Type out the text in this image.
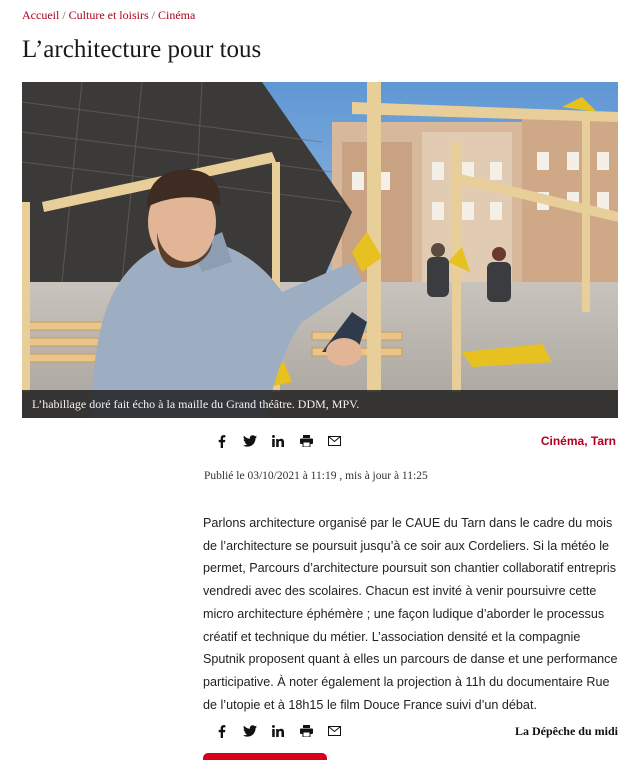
Accueil / Culture et loisirs / Cinéma
L’architecture pour tous
L’habillage doré fait écho à la maille du Grand théâtre. DDM, MPV.
Cinéma, Tarn

Publié le 03/10/2021 à 11:19 , mis à jour à 11:25

Parlons architecture organisé par le CAUE du Tarn dans le cadre du mois de l’architecture se poursuit jusqu’à ce soir aux Cordeliers. Si la météo le permet, Parcours d’architecture poursuit son chantier collaboratif entrepris vendredi avec des scolaires. Chacun est invité à venir poursuivre cette micro architecture éphémère ; une façon ludique d’aborder le processus créatif et technique du métier. L’association densité et la compagnie Sputnik proposent quant à elles un parcours de danse et une performance participative. À noter également la projection à 11h du documentaire Rue de l’utopie et à 18h15 le film Douce France suivi d’un débat.

La Dépêche du midi
